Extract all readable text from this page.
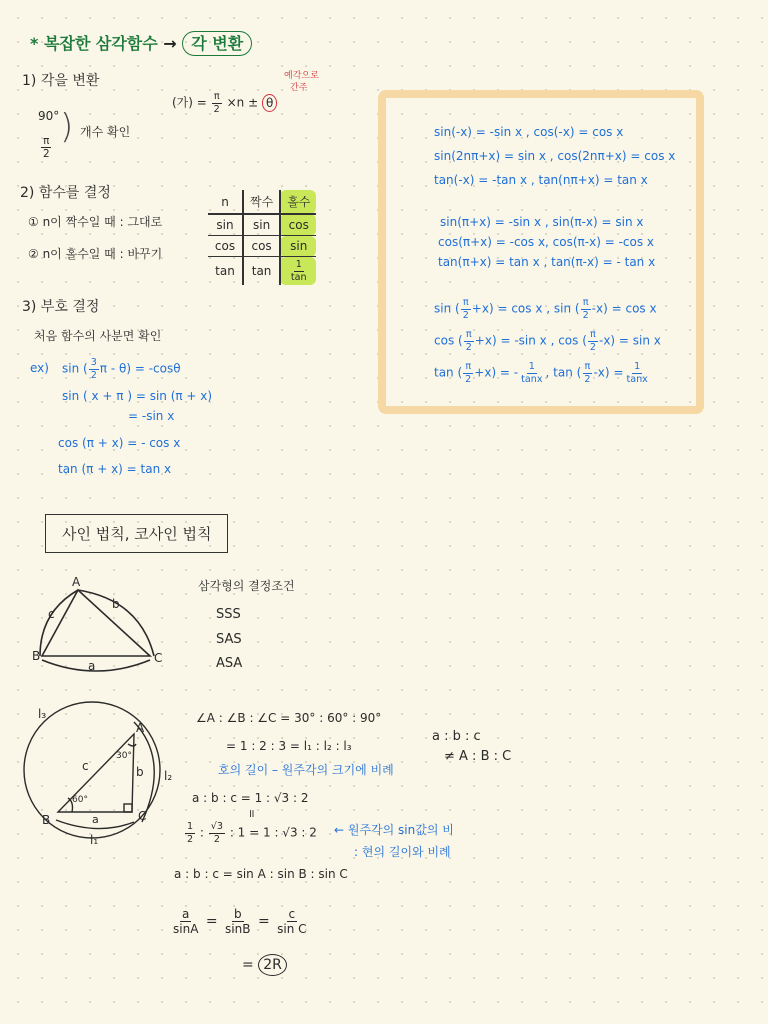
* 복잡한 삼각함수 → 각 변환
1) 각을 변환
90°
$\frac{\pi}{2}$
) 개수 확인
(가) = $\frac{\pi}{2} \times n \pm \theta$
예각으로
간주
2) 함수를 결정
① n이 짝수일 때 : 그대로
② n이 홀수일 때 : 바꾸기
n	짝수	홀수
sin	sin	cos
cos	cos	sin
tan	tan	$\frac{1}{\tan}$
3) 부호 결정
처음 함수의 사분면 확인
ex) sin ( $\frac{3}{2}$ π - θ) = -cosθ
sin ( x + π ) = sin (π + x)
= -sin x
cos (π + x) = - cos x
tan (π + x) = tan x
sin(-x) = -sin x , cos(-x) = cos x
sin(2nπ+x) = sin x , cos(2nπ+x) = cos x
tan(-x) = -tan x , tan(nπ+x) = tan x
sin(π+x) = -sin x , sin(π-x) = sin x
cos(π+x) = -cos x, cos(π-x) = -cos x
tan(π+x) = tan x , tan(π-x) = - tan x
sin ( $\frac{\pi}{2} +x) = \cos x$ , sin ( $\frac{\pi}{2} -x) = \cos x$
cos ( $\frac{\pi}{2} +x) = -\sin$ x , cos ( $\frac{\pi}{2} -x) = \sin x$
tan ( $\frac{\pi}{2} +x$) = - $\frac{1}{\tan x}$ , tan ( $\frac{\pi}{2} -x) = \frac{1}{\tan x}$
사인 법칙, 코사인 법칙
A
B	C
c
b
a
삼각형의 결정조건
SSS
SAS
ASA
A
B	C
c	b
a
l₁
l₂
l₃
30°
60°
∠A : ∠B : ∠C = 30° : 60° : 90°
= 1 : 2 : 3 = l₁ : l₂ : l₃
호의 길이 – 원주각의 크기에 비례
a : b : c
≠ A : B : C
a : b : c = 1 : √3 : 2
॥
$\frac{1}{2}$ : $\frac{√3}{2}$ : 1 = 1 : √3 : 2 ← 원주각의 sin값의 비
: 현의 길이와 비례
a : b : c = sin A : sin B : sin C
$\frac{a}{\sin A} = \frac{b}{\sin B} = \frac{c}{\text{sin C}}$
= 2R
